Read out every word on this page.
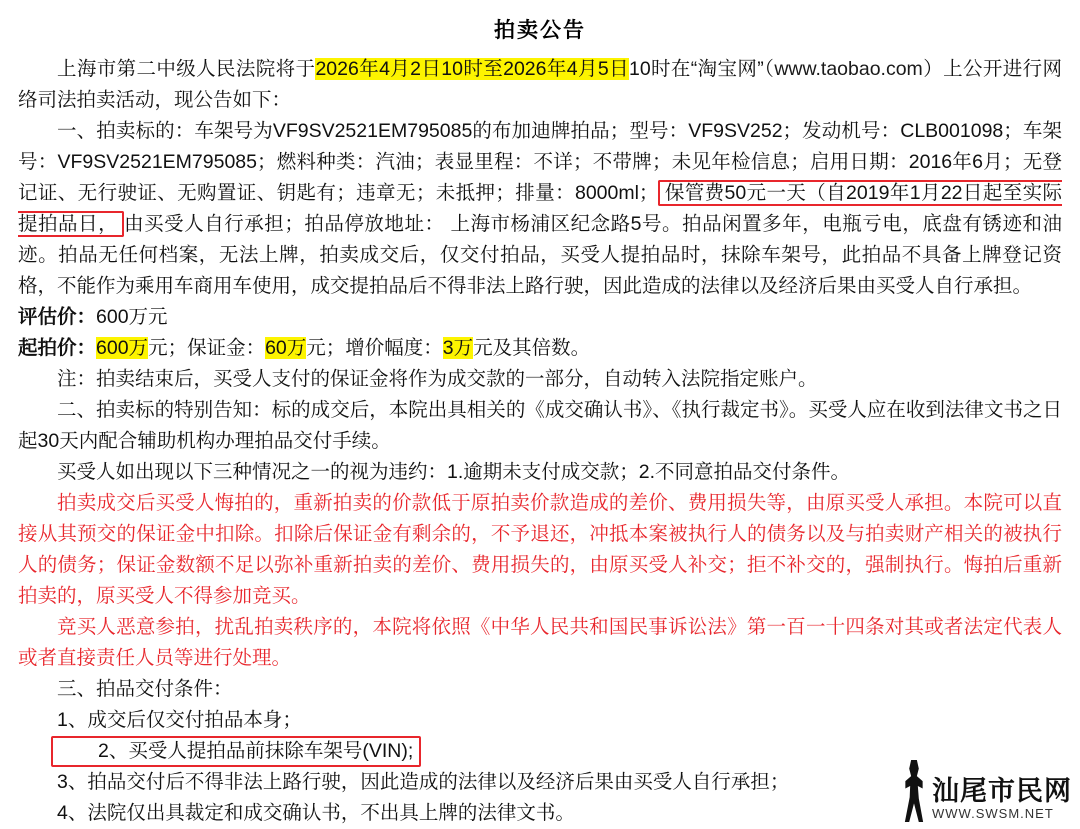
拍卖公告

上海市第二中级人民法院将于2026年4月2日10时至2026年4月5日10时在“淘宝网”（www.taobao.com）上公开进行网络司法拍卖活动，现公告如下：

一、拍卖标的：车架号为VF9SV2521EM795085的布加迪牌拍品；型号：VF9SV252；发动机号：CLB001098；车架号：VF9SV2521EM795085；燃料种类：汽油；表显里程：不详；不带牌；未见年检信息；启用日期：2016年6月；无登记证、无行驶证、无购置证、钥匙有；违章无；未抵押；排量：8000ml； 保管费50元一天（自2019年1月22日起至实际提拍品日， 由买受人自行承担；拍品停放地址： 上海市杨浦区纪念路5号。拍品闲置多年，电瓶亏电，底盘有锈迹和油迹。拍品无任何档案，无法上牌，拍卖成交后，仅交付拍品，买受人提拍品时，抹除车架号，此拍品不具备上牌登记资格，不能作为乘用车商用车使用，成交提拍品后不得非法上路行驶，因此造成的法律以及经济后果由买受人自行承担。

评估价：600万元

起拍价：600万元；保证金：60万元；增价幅度：3万元及其倍数。

注：拍卖结束后，买受人支付的保证金将作为成交款的一部分，自动转入法院指定账户。

二、拍卖标的特别告知：标的成交后，本院出具相关的《成交确认书》、《执行裁定书》。买受人应在收到法律文书之日起30天内配合辅助机构办理拍品交付手续。

买受人如出现以下三种情况之一的视为违约：1.逾期未支付成交款；2.不同意拍品交付条件。

拍卖成交后买受人悔拍的，重新拍卖的价款低于原拍卖价款造成的差价、费用损失等，由原买受人承担。本院可以直接从其预交的保证金中扣除。扣除后保证金有剩余的，不予退还，冲抵本案被执行人的债务以及与拍卖财产相关的被执行人的债务；保证金数额不足以弥补重新拍卖的差价、费用损失的，由原买受人补交；拒不补交的，强制执行。悔拍后重新拍卖的，原买受人不得参加竞买。

竞买人恶意参拍，扰乱拍卖秩序的，本院将依照《中华人民共和国民事诉讼法》第一百一十四条对其或者法定代表人或者直接责任人员等进行处理。

三、拍品交付条件：

1、成交后仅交付拍品本身；

2、买受人提拍品前抹除车架号(VIN);

3、拍品交付后不得非法上路行驶，因此造成的法律以及经济后果由买受人自行承担；

4、法院仅出具裁定和成交确认书，不出具上牌的法律文书。

汕尾市民网
WWW.SWSM.NET
